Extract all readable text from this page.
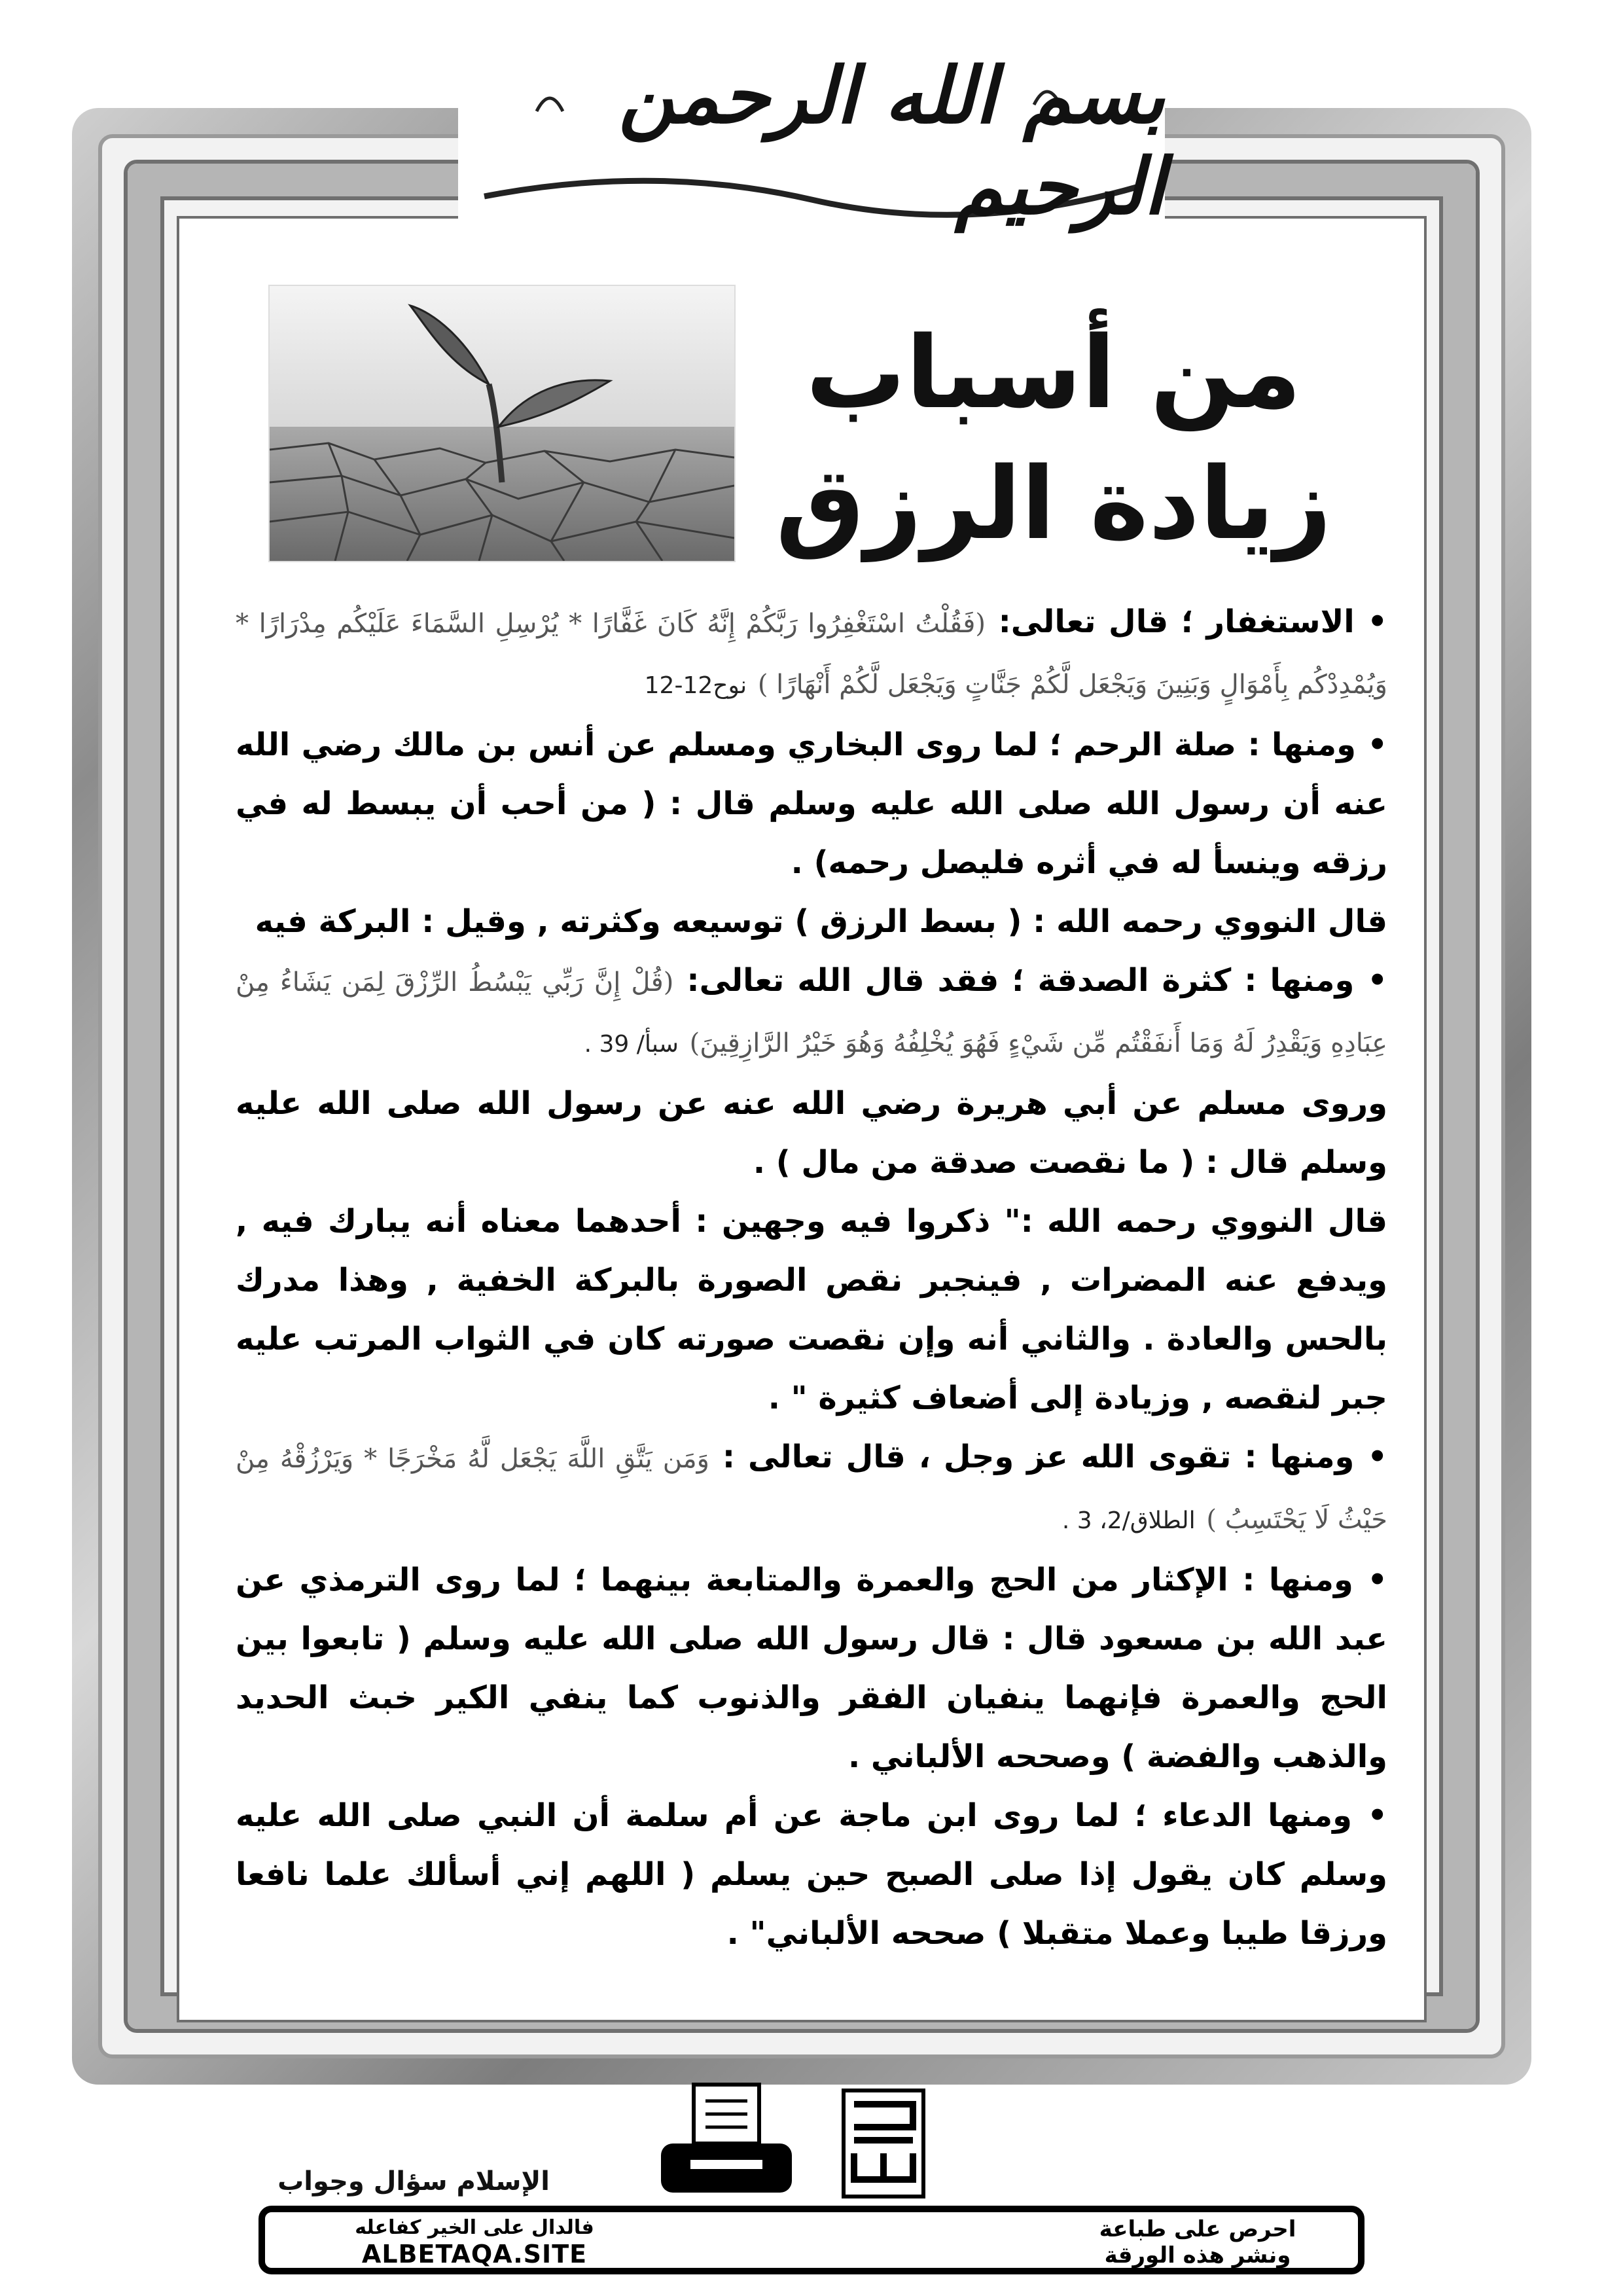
بسم الله الرحمن الرحيم
من أسباب
زيادة الرزق

• الاستغفار ؛ قال تعالى: (فَقُلْتُ اسْتَغْفِرُوا رَبَّكُمْ إِنَّهُ كَانَ غَفَّارًا * يُرْسِلِ السَّمَاءَ عَلَيْكُم مِدْرَارًا * وَيُمْدِدْكُم بِأَمْوَالٍ وَبَنِينَ وَيَجْعَل لَّكُمْ جَنَّاتٍ وَيَجْعَل لَّكُمْ أَنْهَارًا ) نوح12-12

• ومنها : صلة الرحم ؛ لما روى البخاري ومسلم عن أنس بن مالك رضي الله عنه أن رسول الله صلى الله عليه وسلم قال : ( من أحب أن يبسط له في رزقه وينسأ له في أثره فليصل رحمه) .

قال النووي رحمه الله : ( بسط الرزق ) توسيعه وكثرته , وقيل : البركة فيه

• ومنها : كثرة الصدقة ؛ فقد قال الله تعالى: (قُلْ إِنَّ رَبِّي يَبْسُطُ الرِّزْقَ لِمَن يَشَاءُ مِنْ عِبَادِهِ وَيَقْدِرُ لَهُ وَمَا أَنفَقْتُم مِّن شَيْءٍ فَهُوَ يُخْلِفُهُ وَهُوَ خَيْرُ الرَّازِقِينَ) سبأ/ 39 .

وروى مسلم عن أبي هريرة رضي الله عنه عن رسول الله صلى الله عليه وسلم قال : ( ما نقصت صدقة من مال ) .

قال النووي رحمه الله :" ذكروا فيه وجهين : أحدهما معناه أنه يبارك فيه , ويدفع عنه المضرات , فينجبر نقص الصورة بالبركة الخفية , وهذا مدرك بالحس والعادة . والثاني أنه وإن نقصت صورته كان في الثواب المرتب عليه جبر لنقصه , وزيادة إلى أضعاف كثيرة " .

• ومنها : تقوى الله عز وجل ، قال تعالى : وَمَن يَتَّقِ اللَّهَ يَجْعَل لَّهُ مَخْرَجًا * وَيَرْزُقْهُ مِنْ حَيْثُ لَا يَحْتَسِبُ ) الطلاق/2، 3 .

• ومنها : الإكثار من الحج والعمرة والمتابعة بينهما ؛ لما روى الترمذي عن عبد الله بن مسعود قال : قال رسول الله صلى الله عليه وسلم ( تابعوا بين الحج والعمرة فإنهما ينفيان الفقر والذنوب كما ينفي الكير خبث الحديد والذهب والفضة ) وصححه الألباني .

• ومنها الدعاء ؛ لما روى ابن ماجة عن أم سلمة أن النبي صلى الله عليه وسلم كان يقول إذا صلى الصبح حين يسلم ( اللهم إني أسألك علما نافعا ورزقا طيبا وعملا متقبلا ) صححه الألباني" .

الإسلام سؤال وجواب
فالدال على الخير كفاعله
ALBETAQA.SITE
احرص على طباعة
ونشر هذه الورقة
